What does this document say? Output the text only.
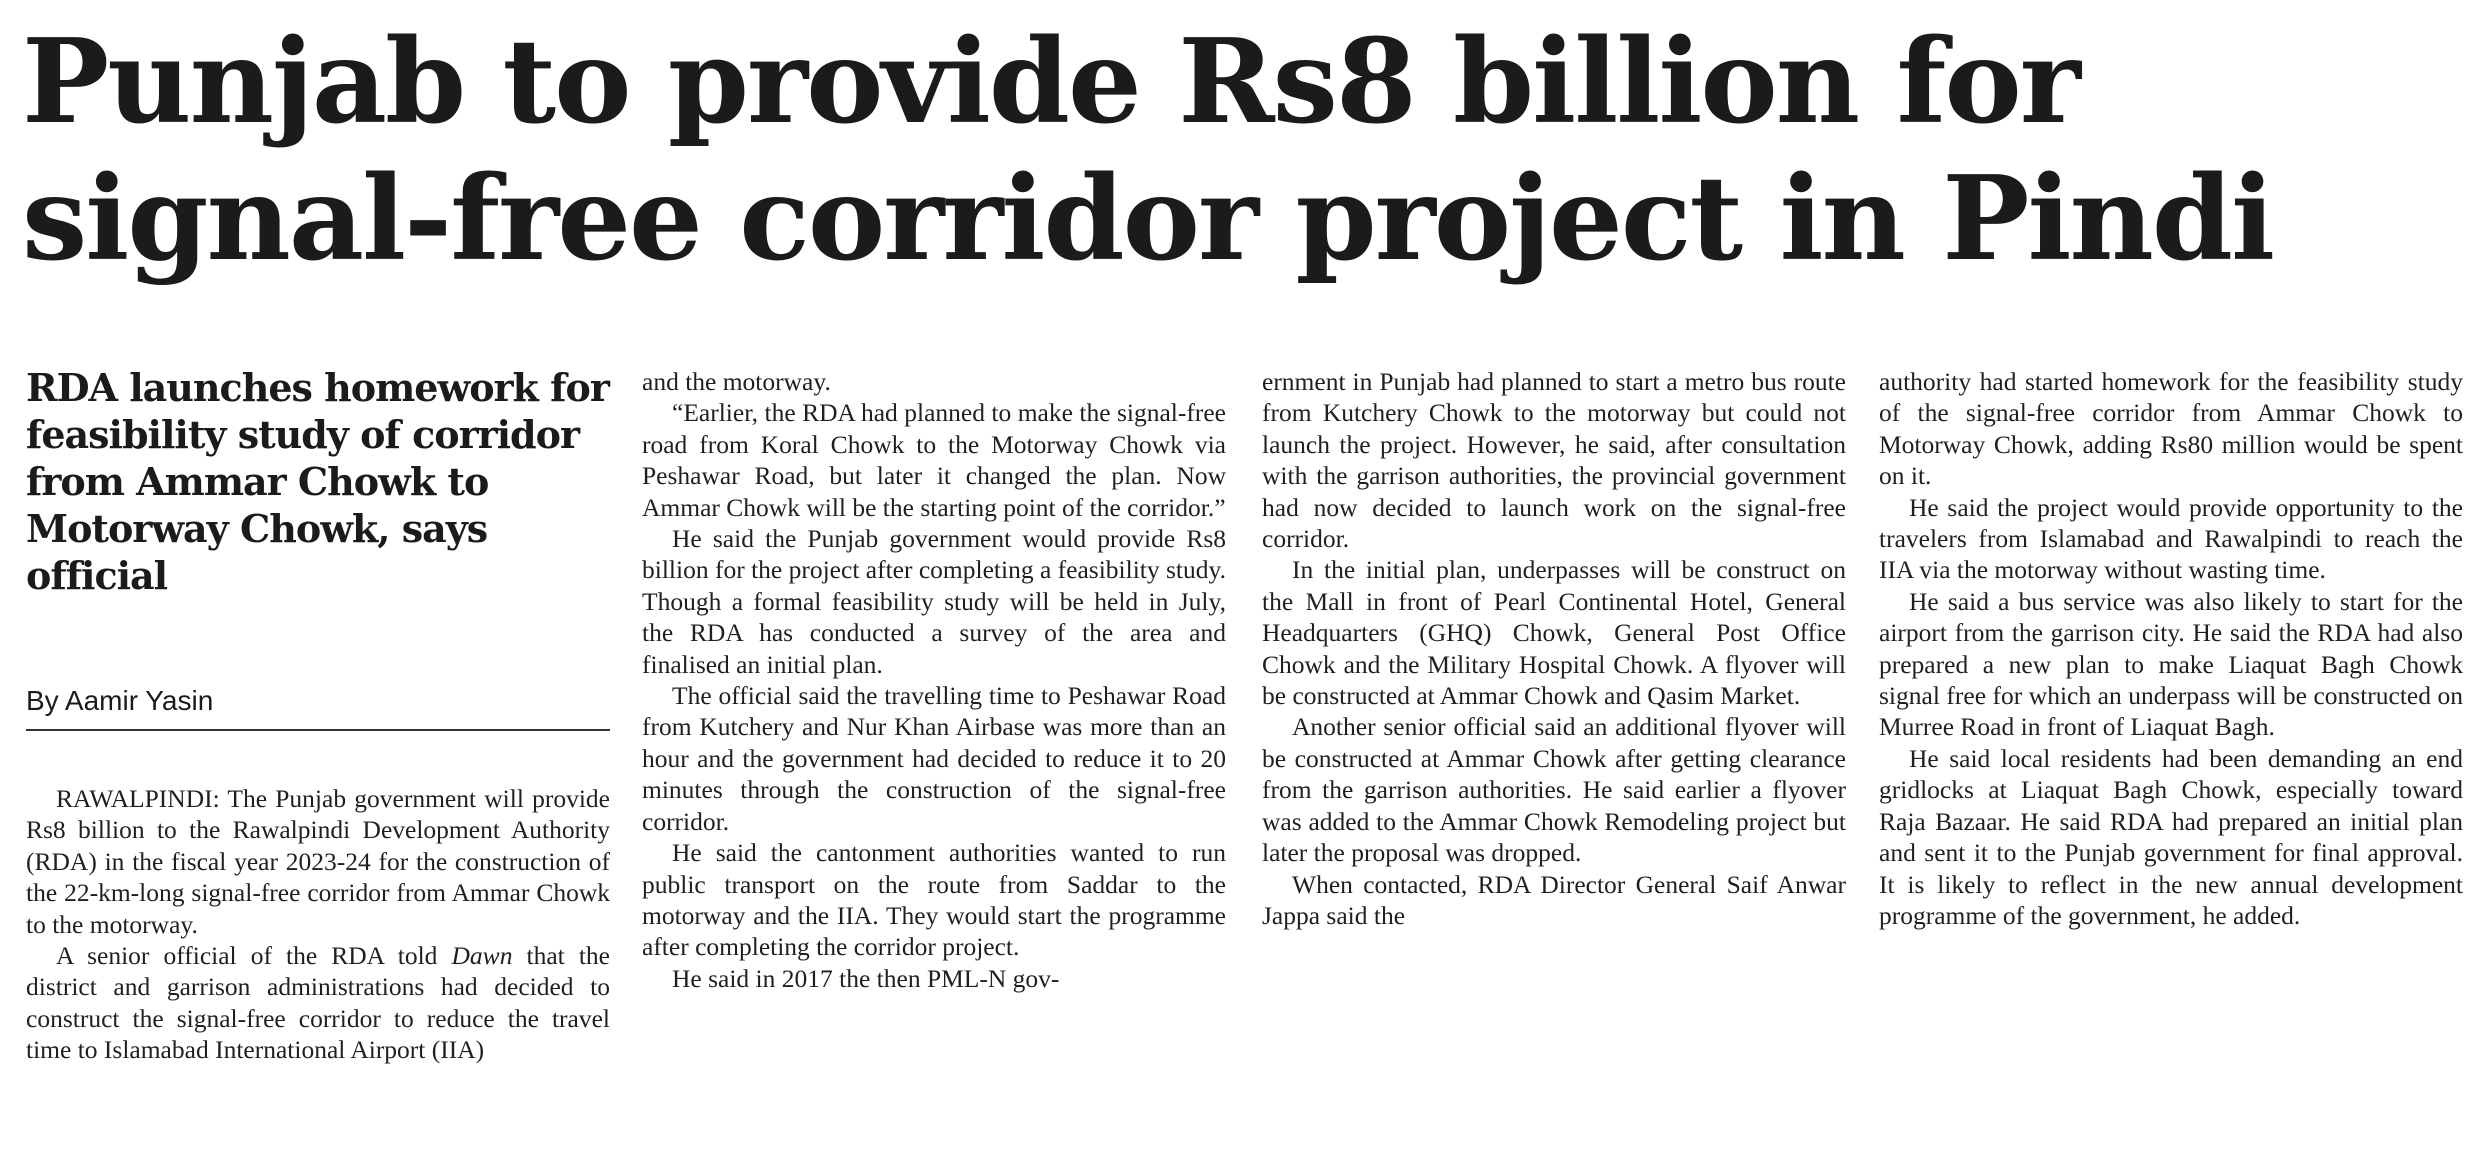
Punjab to provide Rs8 billion for
signal-free corridor project in Pindi
RDA launches homework for feasibility study of corridor from Ammar Chowk to Motorway Chowk, says official
By Aamir Yasin

RAWALPINDI: The Punjab government will provide Rs8 billion to the Rawalpindi Development Authority (RDA) in the fiscal year 2023-24 for the construction of the 22-km-long signal-free corridor from Ammar Chowk to the motorway.

A senior official of the RDA told Dawn that the district and garrison administrations had decided to construct the signal-free corridor to reduce the travel time to Islamabad International Airport (IIA)

and the motorway.

“Earlier, the RDA had planned to make the signal-free road from Koral Chowk to the Motorway Chowk via Peshawar Road, but later it changed the plan. Now Ammar Chowk will be the starting point of the corridor.”

He said the Punjab government would provide Rs8 billion for the project after completing a feasibility study. Though a formal feasibility study will be held in July, the RDA has conducted a survey of the area and finalised an initial plan.

The official said the travelling time to Peshawar Road from Kutchery and Nur Khan Airbase was more than an hour and the government had decided to reduce it to 20 minutes through the construction of the signal-free corridor.

He said the cantonment authorities wanted to run public transport on the route from Saddar to the motorway and the IIA. They would start the programme after completing the corridor project.

He said in 2017 the then PML-N gov-

ernment in Punjab had planned to start a metro bus route from Kutchery Chowk to the motorway but could not launch the project. However, he said, after consultation with the garrison authorities, the provincial government had now decided to launch work on the signal-free corridor.

In the initial plan, underpasses will be construct on the Mall in front of Pearl Continental Hotel, General Headquarters (GHQ) Chowk, General Post Office Chowk and the Military Hospital Chowk. A flyover will be constructed at Ammar Chowk and Qasim Market.

Another senior official said an additional flyover will be constructed at Ammar Chowk after getting clearance from the garrison authorities. He said earlier a flyover was added to the Ammar Chowk Remodeling project but later the proposal was dropped.

When contacted, RDA Director General Saif Anwar Jappa said the

authority had started homework for the feasibility study of the signal-free corridor from Ammar Chowk to Motorway Chowk, adding Rs80 million would be spent on it.

He said the project would provide opportunity to the travelers from Islamabad and Rawalpindi to reach the IIA via the motorway without wasting time.

He said a bus service was also likely to start for the airport from the garrison city. He said the RDA had also prepared a new plan to make Liaquat Bagh Chowk signal free for which an underpass will be constructed on Murree Road in front of Liaquat Bagh.

He said local residents had been demanding an end gridlocks at Liaquat Bagh Chowk, especially toward Raja Bazaar. He said RDA had prepared an initial plan and sent it to the Punjab government for final approval. It is likely to reflect in the new annual development programme of the government, he added.
